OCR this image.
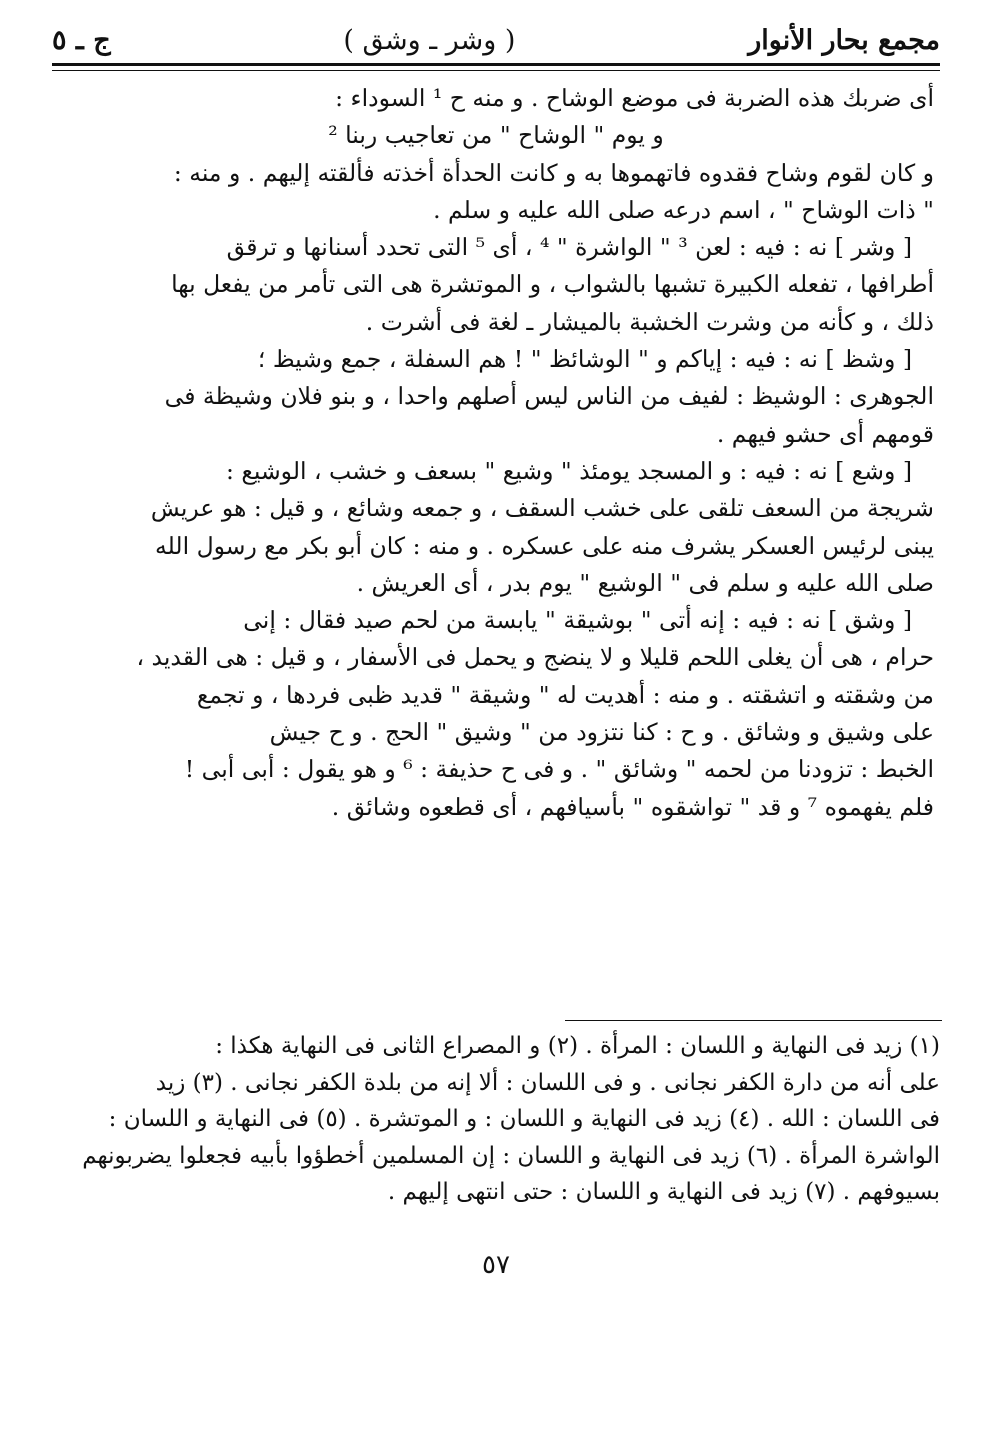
مجمع بحار الأنوار
( وشر ـ وشق )
ج ـ ٥

أى ضربك هذه الضربة فى موضع الوشاح . و منه ح ¹ السوداء :

و يوم " الوشاح " من تعاجيب ربنا ²

و كان لقوم وشاح فقدوه فاتهموها به و كانت الحدأة أخذته فألقته إليهم . و منه :

" ذات الوشاح " ، اسم درعه صلى الله عليه و سلم .

[ وشر ] نه : فيه : لعن ³ " الواشرة " ⁴ ، أى ⁵ التى تحدد أسنانها و ترقق

أطرافها ، تفعله الكبيرة تشبها بالشواب ، و الموتشرة هى التى تأمر من يفعل بها

ذلك ، و كأنه من وشرت الخشبة بالميشار ـ لغة فى أشرت .

[ وشظ ] نه : فيه : إياكم و " الوشائظ " ! هم السفلة ، جمع وشيظ ؛

الجوهرى : الوشيظ : لفيف من الناس ليس أصلهم واحدا ، و بنو فلان وشيظة فى

قومهم أى حشو فيهم .

[ وشع ] نه : فيه : و المسجد يومئذ " وشيع " بسعف و خشب ، الوشيع :

شريجة من السعف تلقى على خشب السقف ، و جمعه وشائع ، و قيل : هو عريش

يبنى لرئيس العسكر يشرف منه على عسكره . و منه : كان أبو بكر مع رسول الله

صلى الله عليه و سلم فى " الوشيع " يوم بدر ، أى العريش .

[ وشق ] نه : فيه : إنه أتى " بوشيقة " يابسة من لحم صيد فقال : إنى

حرام ، هى أن يغلى اللحم قليلا و لا ينضج و يحمل فى الأسفار ، و قيل : هى القديد ،

من وشقته و اتشقته . و منه : أهديت له " وشيقة " قديد ظبى فردها ، و تجمع

على وشيق و وشائق . و ح : كنا نتزود من " وشيق " الحج . و ح جيش

الخبط : تزودنا من لحمه " وشائق " . و فى ح حذيفة : ⁶ و هو يقول : أبى أبى !

فلم يفهموه ⁷ و قد " تواشقوه " بأسيافهم ، أى قطعوه وشائق .

(١) زيد فى النهاية و اللسان : المرأة . (٢) و المصراع الثانى فى النهاية هكذا :

على أنه من دارة الكفر نجانى . و فى اللسان : ألا إنه من بلدة الكفر نجانى . (٣) زيد

فى اللسان : الله . (٤) زيد فى النهاية و اللسان : و الموتشرة . (٥) فى النهاية و اللسان :

الواشرة المرأة . (٦) زيد فى النهاية و اللسان : إن المسلمين أخطؤوا بأبيه فجعلوا يضربونهم

بسيوفهم . (٧) زيد فى النهاية و اللسان : حتى انتهى إليهم .

٥٧
